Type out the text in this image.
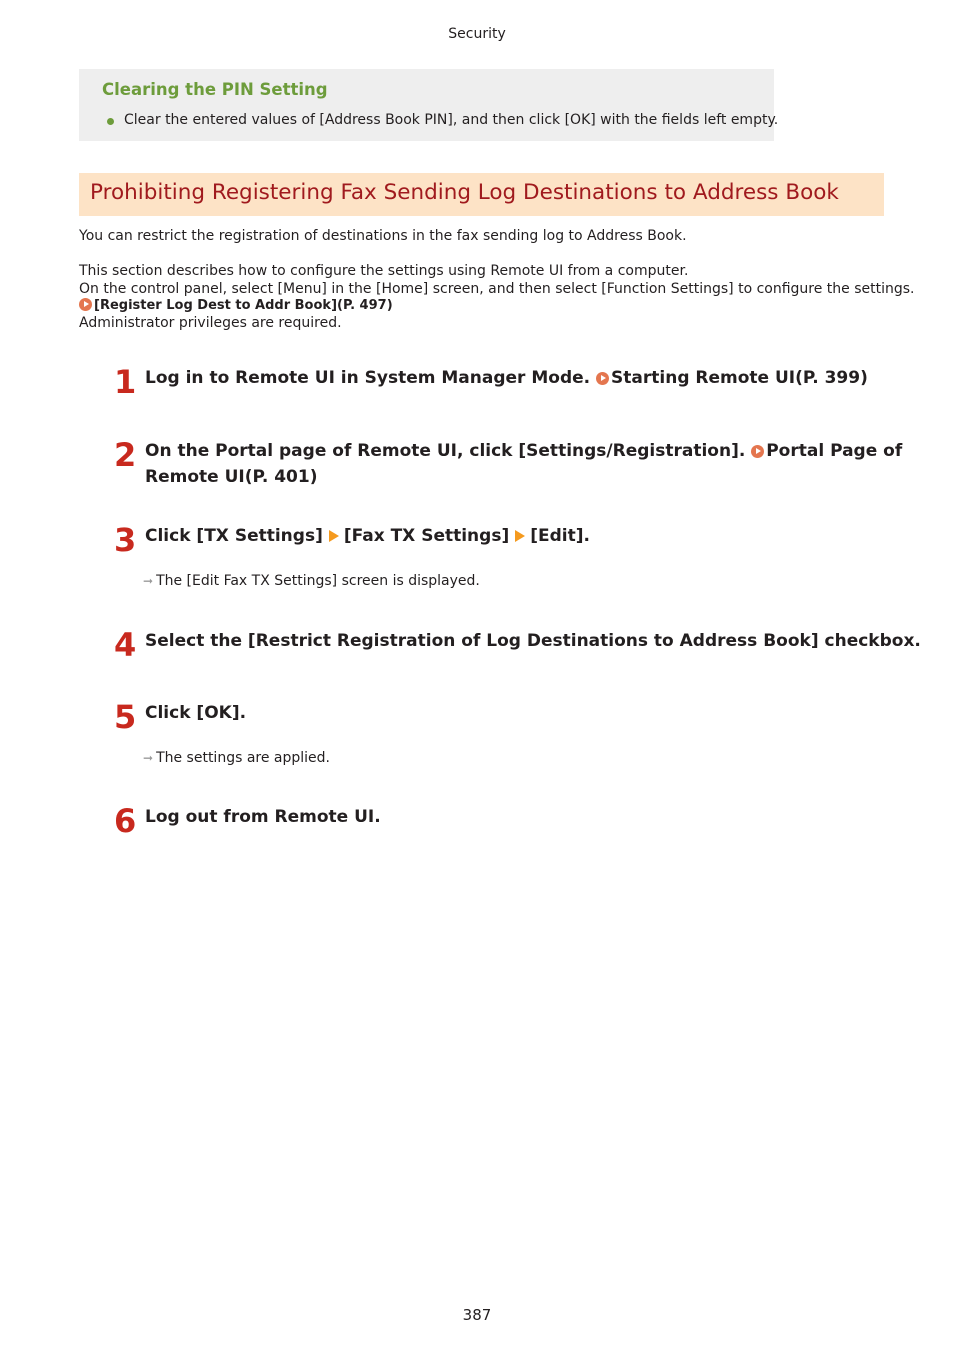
Security
Clearing the PIN Setting
Clear the entered values of [Address Book PIN], and then click [OK] with the fields left empty.
Prohibiting Registering Fax Sending Log Destinations to Address Book
You can restrict the registration of destinations in the fax sending log to Address Book.
This section describes how to configure the settings using Remote UI from a computer.
On the control panel, select [Menu] in the [Home] screen, and then select [Function Settings] to configure the settings.
[Register Log Dest to Addr Book](P. 497)
Administrator privileges are required.
1 Log in to Remote UI in System Manager Mode. Starting Remote UI(P. 399)
2 On the Portal page of Remote UI, click [Settings/Registration]. Portal Page of
Remote UI(P. 401)
3 Click [TX Settings] [Fax TX Settings] [Edit].
➞ The [Edit Fax TX Settings] screen is displayed.
4 Select the [Restrict Registration of Log Destinations to Address Book] checkbox.
5 Click [OK].
➞ The settings are applied.
6 Log out from Remote UI.
387
